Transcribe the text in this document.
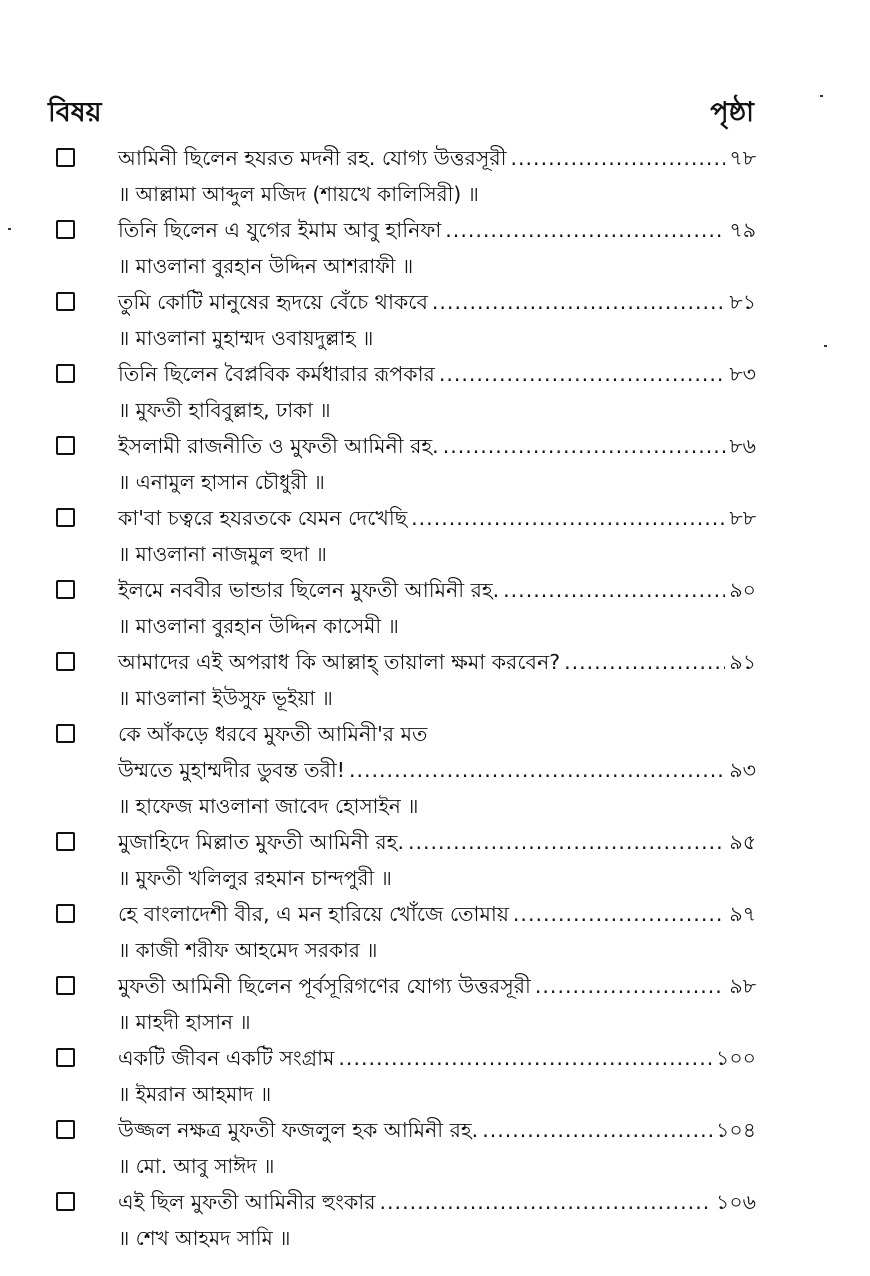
বিষয়	পৃষ্ঠা
আমিনী ছিলেন হযরত মদনী রহ. যোগ্য উত্তরসূরী .....	৭৮
॥ আল্লামা আব্দুল মজিদ (শায়খে কালিসিরী) ॥
তিনি ছিলেন এ যুগের ইমাম আবু হানিফা .....	৭৯
॥ মাওলানা বুরহান উদ্দিন আশরাফী ॥
তুমি কোটি মানুষের হৃদয়ে বেঁচে থাকবে .....	৮১
॥ মাওলানা মুহাম্মদ ওবায়দুল্লাহ ॥
তিনি ছিলেন বৈপ্লবিক কর্মধারার রূপকার .....	৮৩
॥ মুফতী হাবিবুল্লাহ, ঢাকা ॥
ইসলামী রাজনীতি ও মুফতী আমিনী রহ. .....	৮৬
॥ এনামুল হাসান চৌধুরী ॥
কা'বা চত্বরে হযরতকে যেমন দেখেছি .....	৮৮
॥ মাওলানা নাজমুল হুদা ॥
ইলমে নববীর ভান্ডার ছিলেন মুফতী আমিনী রহ. .....	৯০
॥ মাওলানা বুরহান উদ্দিন কাসেমী ॥
আমাদের এই অপরাধ কি আল্লাহ্ তায়ালা ক্ষমা করবেন? .....	৯১
॥ মাওলানা ইউসুফ ভূইয়া ॥
কে আঁকড়ে ধরবে মুফতী আমিনী'র মত
উম্মতে মুহাম্মদীর ডুবন্ত তরী! .....	৯৩
॥ হাফেজ মাওলানা জাবেদ হোসাইন ॥
মুজাহিদে মিল্লাত মুফতী আমিনী রহ. .....	৯৫
॥ মুফতী খলিলুর রহমান চান্দপুরী ॥
হে বাংলাদেশী বীর, এ মন হারিয়ে খোঁজে তোমায় .....	৯৭
॥ কাজী শরীফ আহমেদ সরকার ॥
মুফতী আমিনী ছিলেন পূর্বসূরিগণের যোগ্য উত্তরসূরী .....	৯৮
॥ মাহদী হাসান ॥
একটি জীবন একটি সংগ্রাম .....	১০০
॥ ইমরান আহমাদ ॥
উজ্জল নক্ষত্র মুফতী ফজলুল হক আমিনী রহ. .....	১০৪
॥ মো. আবু সাঈদ ॥
এই ছিল মুফতী আমিনীর হুংকার .....	১০৬
॥ শেখ আহমদ সামি ॥
